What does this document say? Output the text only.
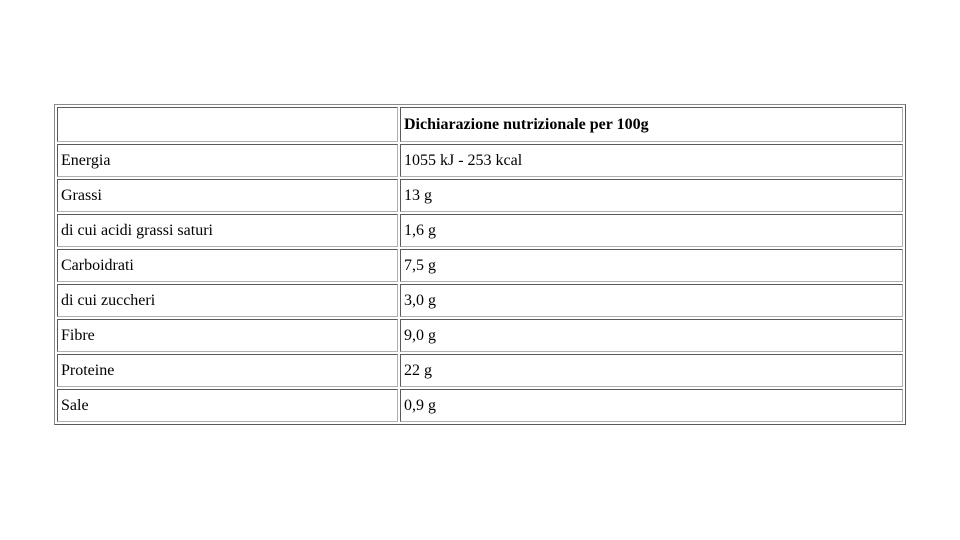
	Dichiarazione nutrizionale per 100g
Energia	1055 kJ - 253 kcal
Grassi	13 g
di cui acidi grassi saturi	1,6 g
Carboidrati	7,5 g
di cui zuccheri	3,0 g
Fibre	9,0 g
Proteine	22 g
Sale	0,9 g
